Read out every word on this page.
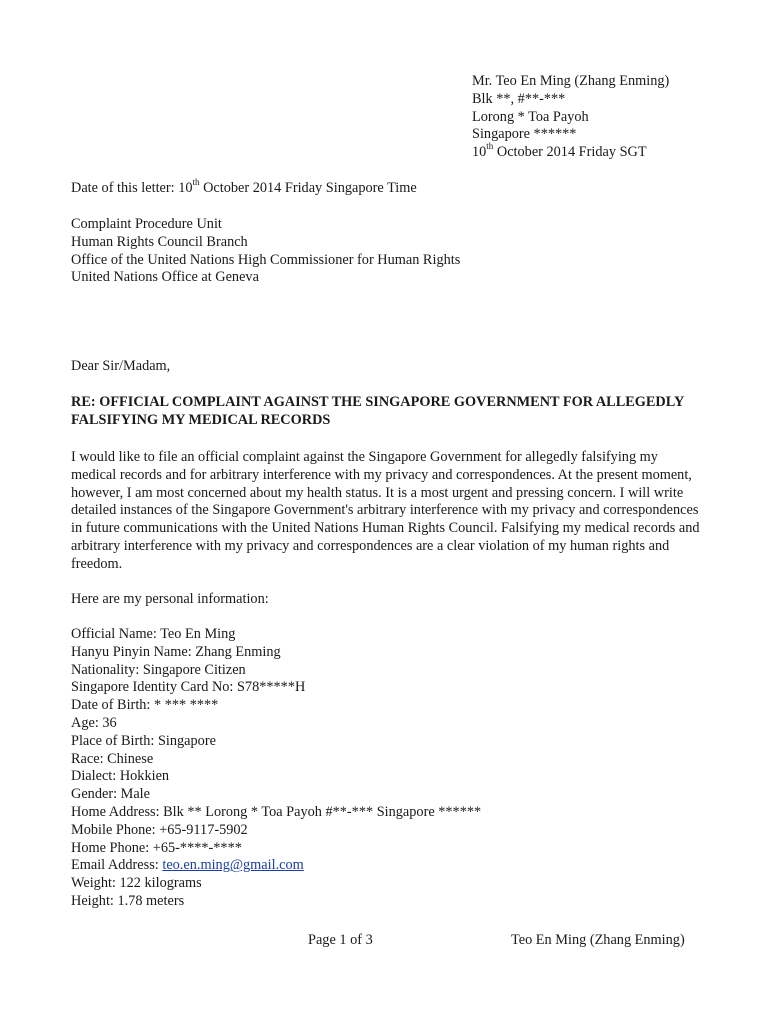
Mr. Teo En Ming (Zhang Enming)
Blk **, #**-***
Lorong * Toa Payoh
Singapore ******
10th October 2014 Friday SGT
Date of this letter: 10th October 2014 Friday Singapore Time
Complaint Procedure Unit
Human Rights Council Branch
Office of the United Nations High Commissioner for Human Rights
United Nations Office at Geneva
Dear Sir/Madam,
RE: OFFICIAL COMPLAINT AGAINST THE SINGAPORE GOVERNMENT FOR ALLEGEDLY FALSIFYING MY MEDICAL RECORDS

I would like to file an official complaint against the Singapore Government for allegedly falsifying my medical records and for arbitrary interference with my privacy and correspondences. At the present moment, however, I am most concerned about my health status. It is a most urgent and pressing concern. I will write detailed instances of the Singapore Government's arbitrary interference with my privacy and correspondences in future communications with the United Nations Human Rights Council. Falsifying my medical records and arbitrary interference with my privacy and correspondences are a clear violation of my human rights and freedom.

Here are my personal information:
Official Name: Teo En Ming
Hanyu Pinyin Name: Zhang Enming
Nationality: Singapore Citizen
Singapore Identity Card No: S78*****H
Date of Birth: * *** ****
Age: 36
Place of Birth: Singapore
Race: Chinese
Dialect: Hokkien
Gender: Male
Home Address: Blk ** Lorong * Toa Payoh #**-*** Singapore ******
Mobile Phone: +65-9117-5902
Home Phone: +65-****-****
Email Address: teo.en.ming@gmail.com
Weight: 122 kilograms
Height: 1.78 meters
Page 1 of 3	Teo En Ming (Zhang Enming)
